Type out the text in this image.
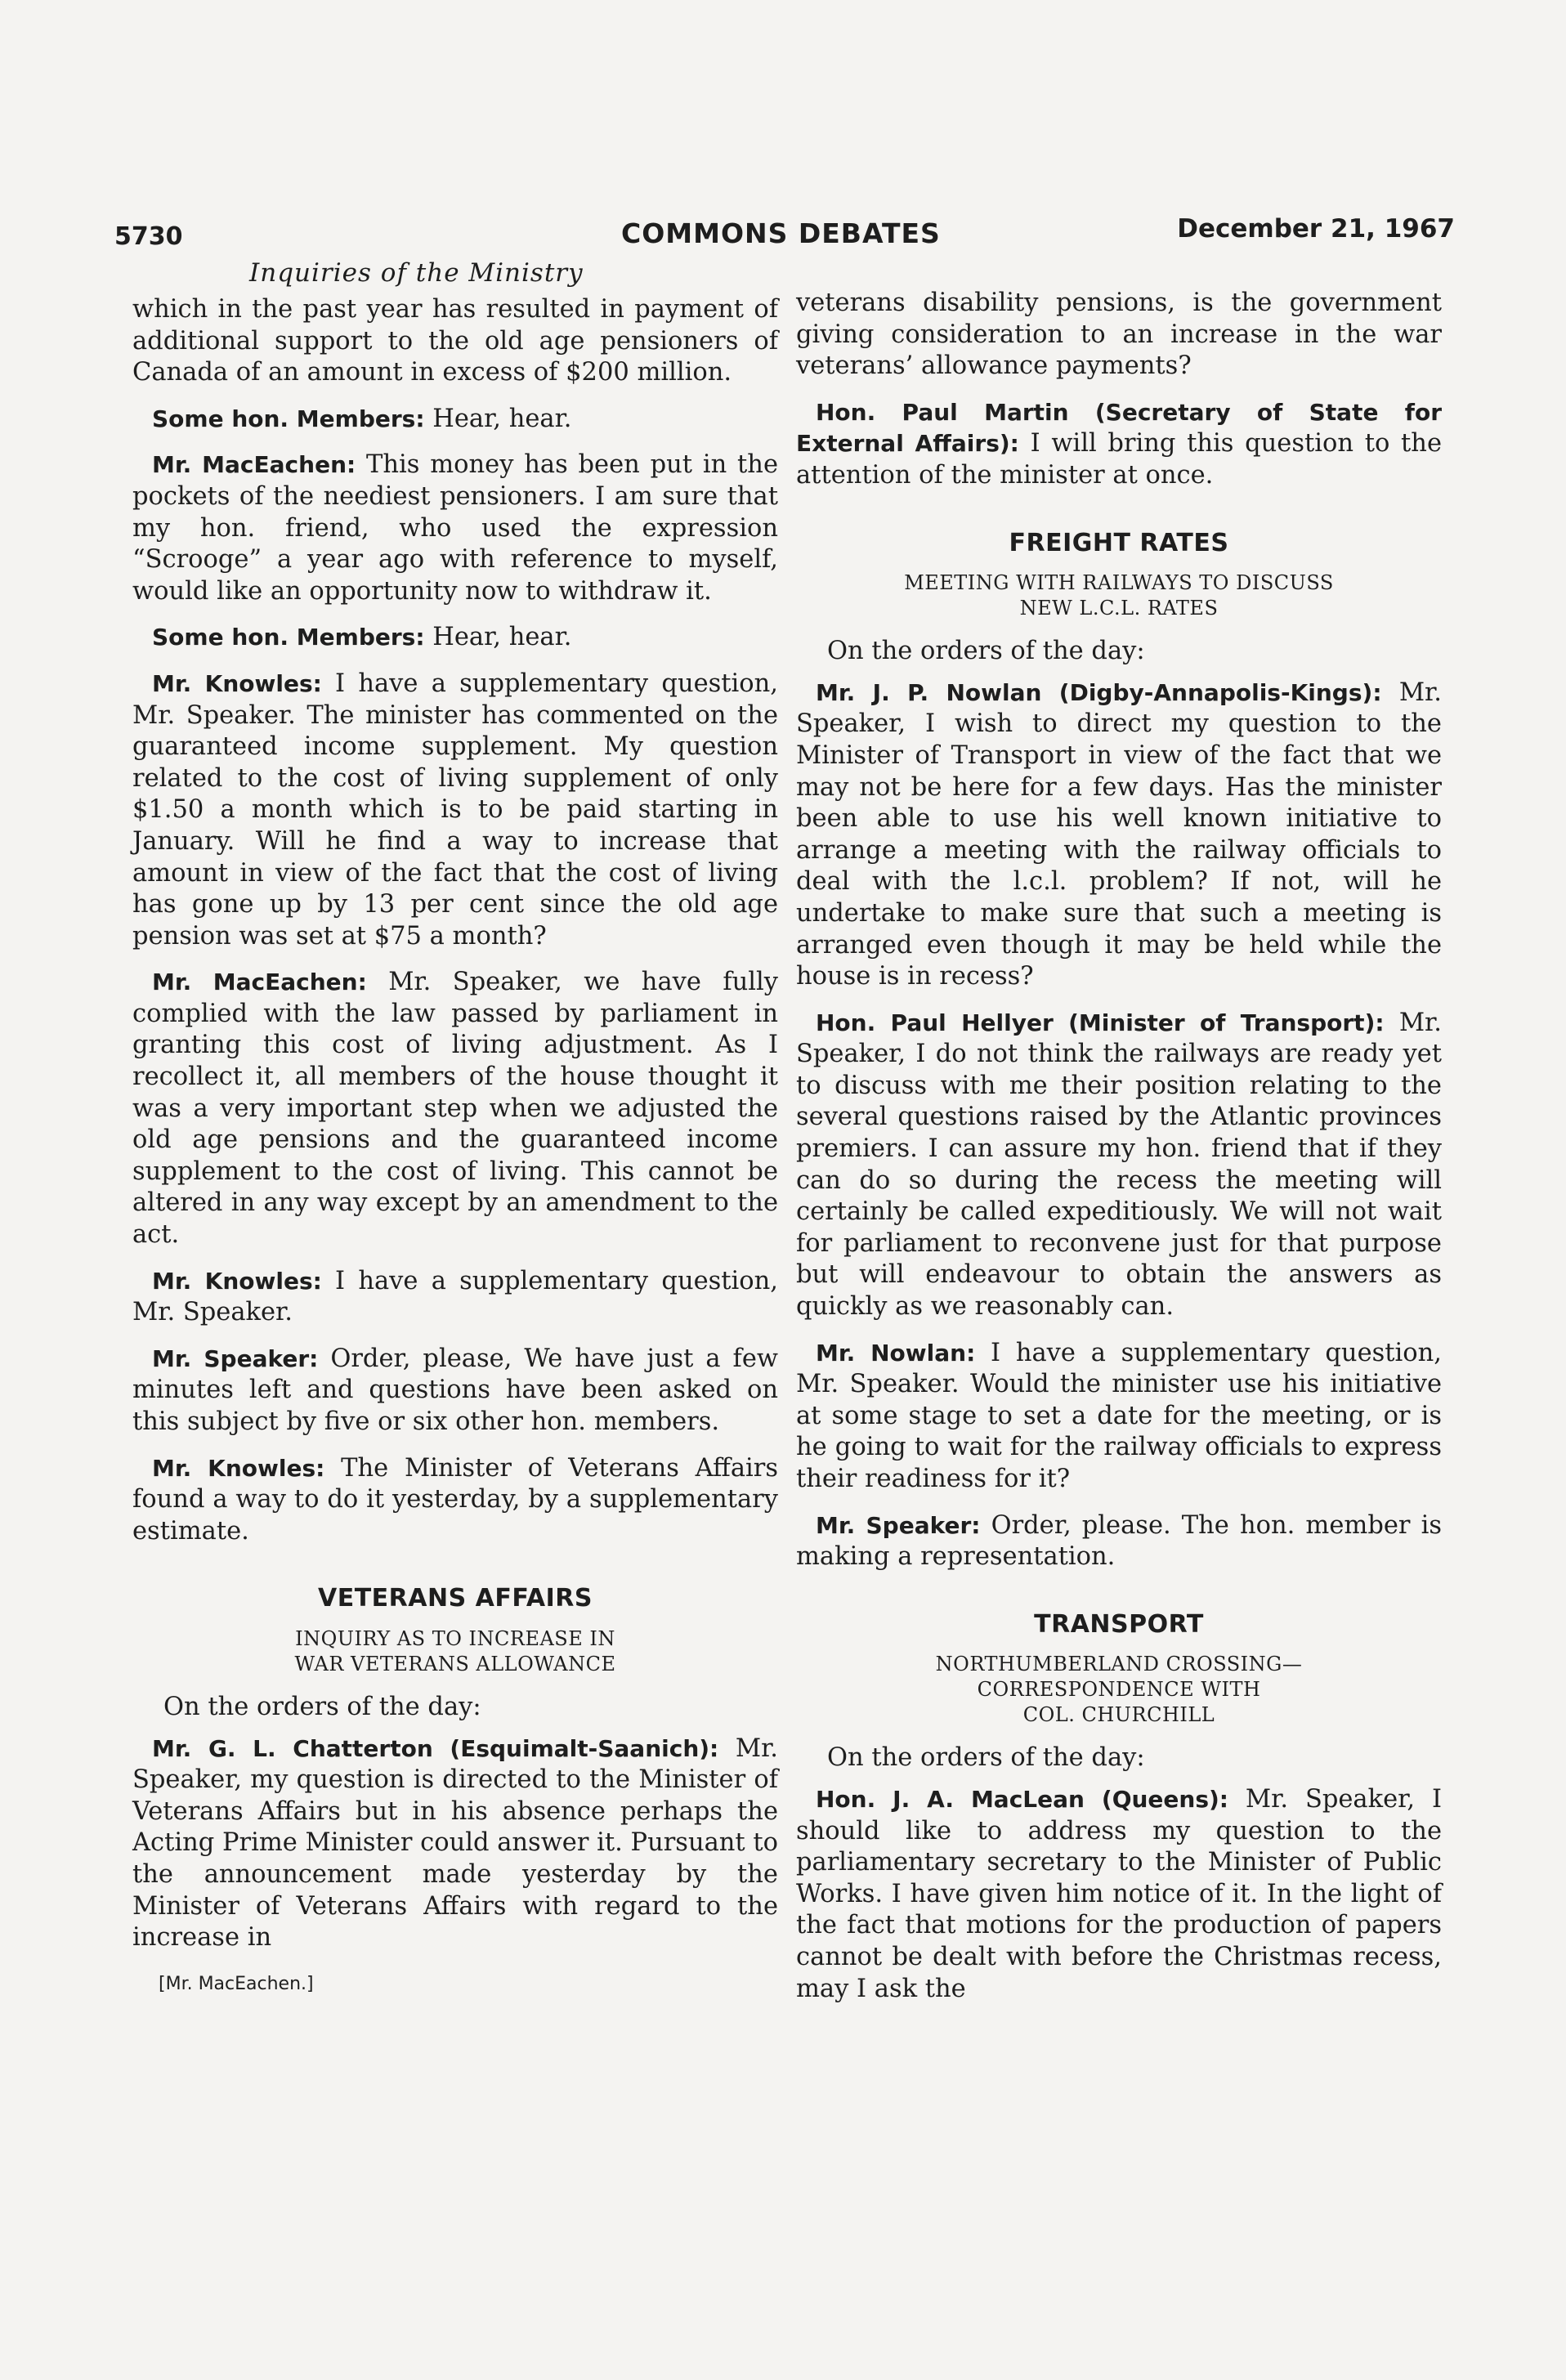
5730	COMMONS DEBATES	December 21, 1967
Inquiries of the Ministry

which in the past year has resulted in payment of additional support to the old age pensioners of Canada of an amount in excess of $200 million.

Some hon. Members: Hear, hear.

Mr. MacEachen: This money has been put in the pockets of the neediest pensioners. I am sure that my hon. friend, who used the expression “Scrooge” a year ago with reference to myself, would like an opportunity now to withdraw it.

Some hon. Members: Hear, hear.

Mr. Knowles: I have a supplementary question, Mr. Speaker. The minister has commented on the guaranteed income supplement. My question related to the cost of living supplement of only $1.50 a month which is to be paid starting in January. Will he find a way to increase that amount in view of the fact that the cost of living has gone up by 13 per cent since the old age pension was set at $75 a month?

Mr. MacEachen: Mr. Speaker, we have fully complied with the law passed by parliament in granting this cost of living adjustment. As I recollect it, all members of the house thought it was a very important step when we adjusted the old age pensions and the guaranteed income supplement to the cost of living. This cannot be altered in any way except by an amendment to the act.

Mr. Knowles: I have a supplementary question, Mr. Speaker.

Mr. Speaker: Order, please, We have just a few minutes left and questions have been asked on this subject by five or six other hon. members.

Mr. Knowles: The Minister of Veterans Affairs found a way to do it yesterday, by a supplementary estimate.

VETERANS AFFAIRS
INQUIRY AS TO INCREASE IN
WAR VETERANS ALLOWANCE

On the orders of the day:

Mr. G. L. Chatterton (Esquimalt-Saanich): Mr. Speaker, my question is directed to the Minister of Veterans Affairs but in his absence perhaps the Acting Prime Minister could answer it. Pursuant to the announcement made yesterday by the Minister of Veterans Affairs with regard to the increase in

[Mr. MacEachen.]

veterans disability pensions, is the government giving consideration to an increase in the war veterans’ allowance payments?

Hon. Paul Martin (Secretary of State for External Affairs): I will bring this question to the attention of the minister at once.

FREIGHT RATES
MEETING WITH RAILWAYS TO DISCUSS
NEW L.C.L. RATES

On the orders of the day:

Mr. J. P. Nowlan (Digby-Annapolis-Kings): Mr. Speaker, I wish to direct my question to the Minister of Transport in view of the fact that we may not be here for a few days. Has the minister been able to use his well known initiative to arrange a meeting with the railway officials to deal with the l.c.l. problem? If not, will he undertake to make sure that such a meeting is arranged even though it may be held while the house is in recess?

Hon. Paul Hellyer (Minister of Transport): Mr. Speaker, I do not think the railways are ready yet to discuss with me their position relating to the several questions raised by the Atlantic provinces premiers. I can assure my hon. friend that if they can do so during the recess the meeting will certainly be called expeditiously. We will not wait for parliament to reconvene just for that purpose but will endeavour to obtain the answers as quickly as we reasonably can.

Mr. Nowlan: I have a supplementary question, Mr. Speaker. Would the minister use his initiative at some stage to set a date for the meeting, or is he going to wait for the railway officials to express their readiness for it?

Mr. Speaker: Order, please. The hon. member is making a representation.

TRANSPORT
NORTHUMBERLAND CROSSING—
CORRESPONDENCE WITH
COL. CHURCHILL

On the orders of the day:

Hon. J. A. MacLean (Queens): Mr. Speaker, I should like to address my question to the parliamentary secretary to the Minister of Public Works. I have given him notice of it. In the light of the fact that motions for the production of papers cannot be dealt with before the Christmas recess, may I ask the
